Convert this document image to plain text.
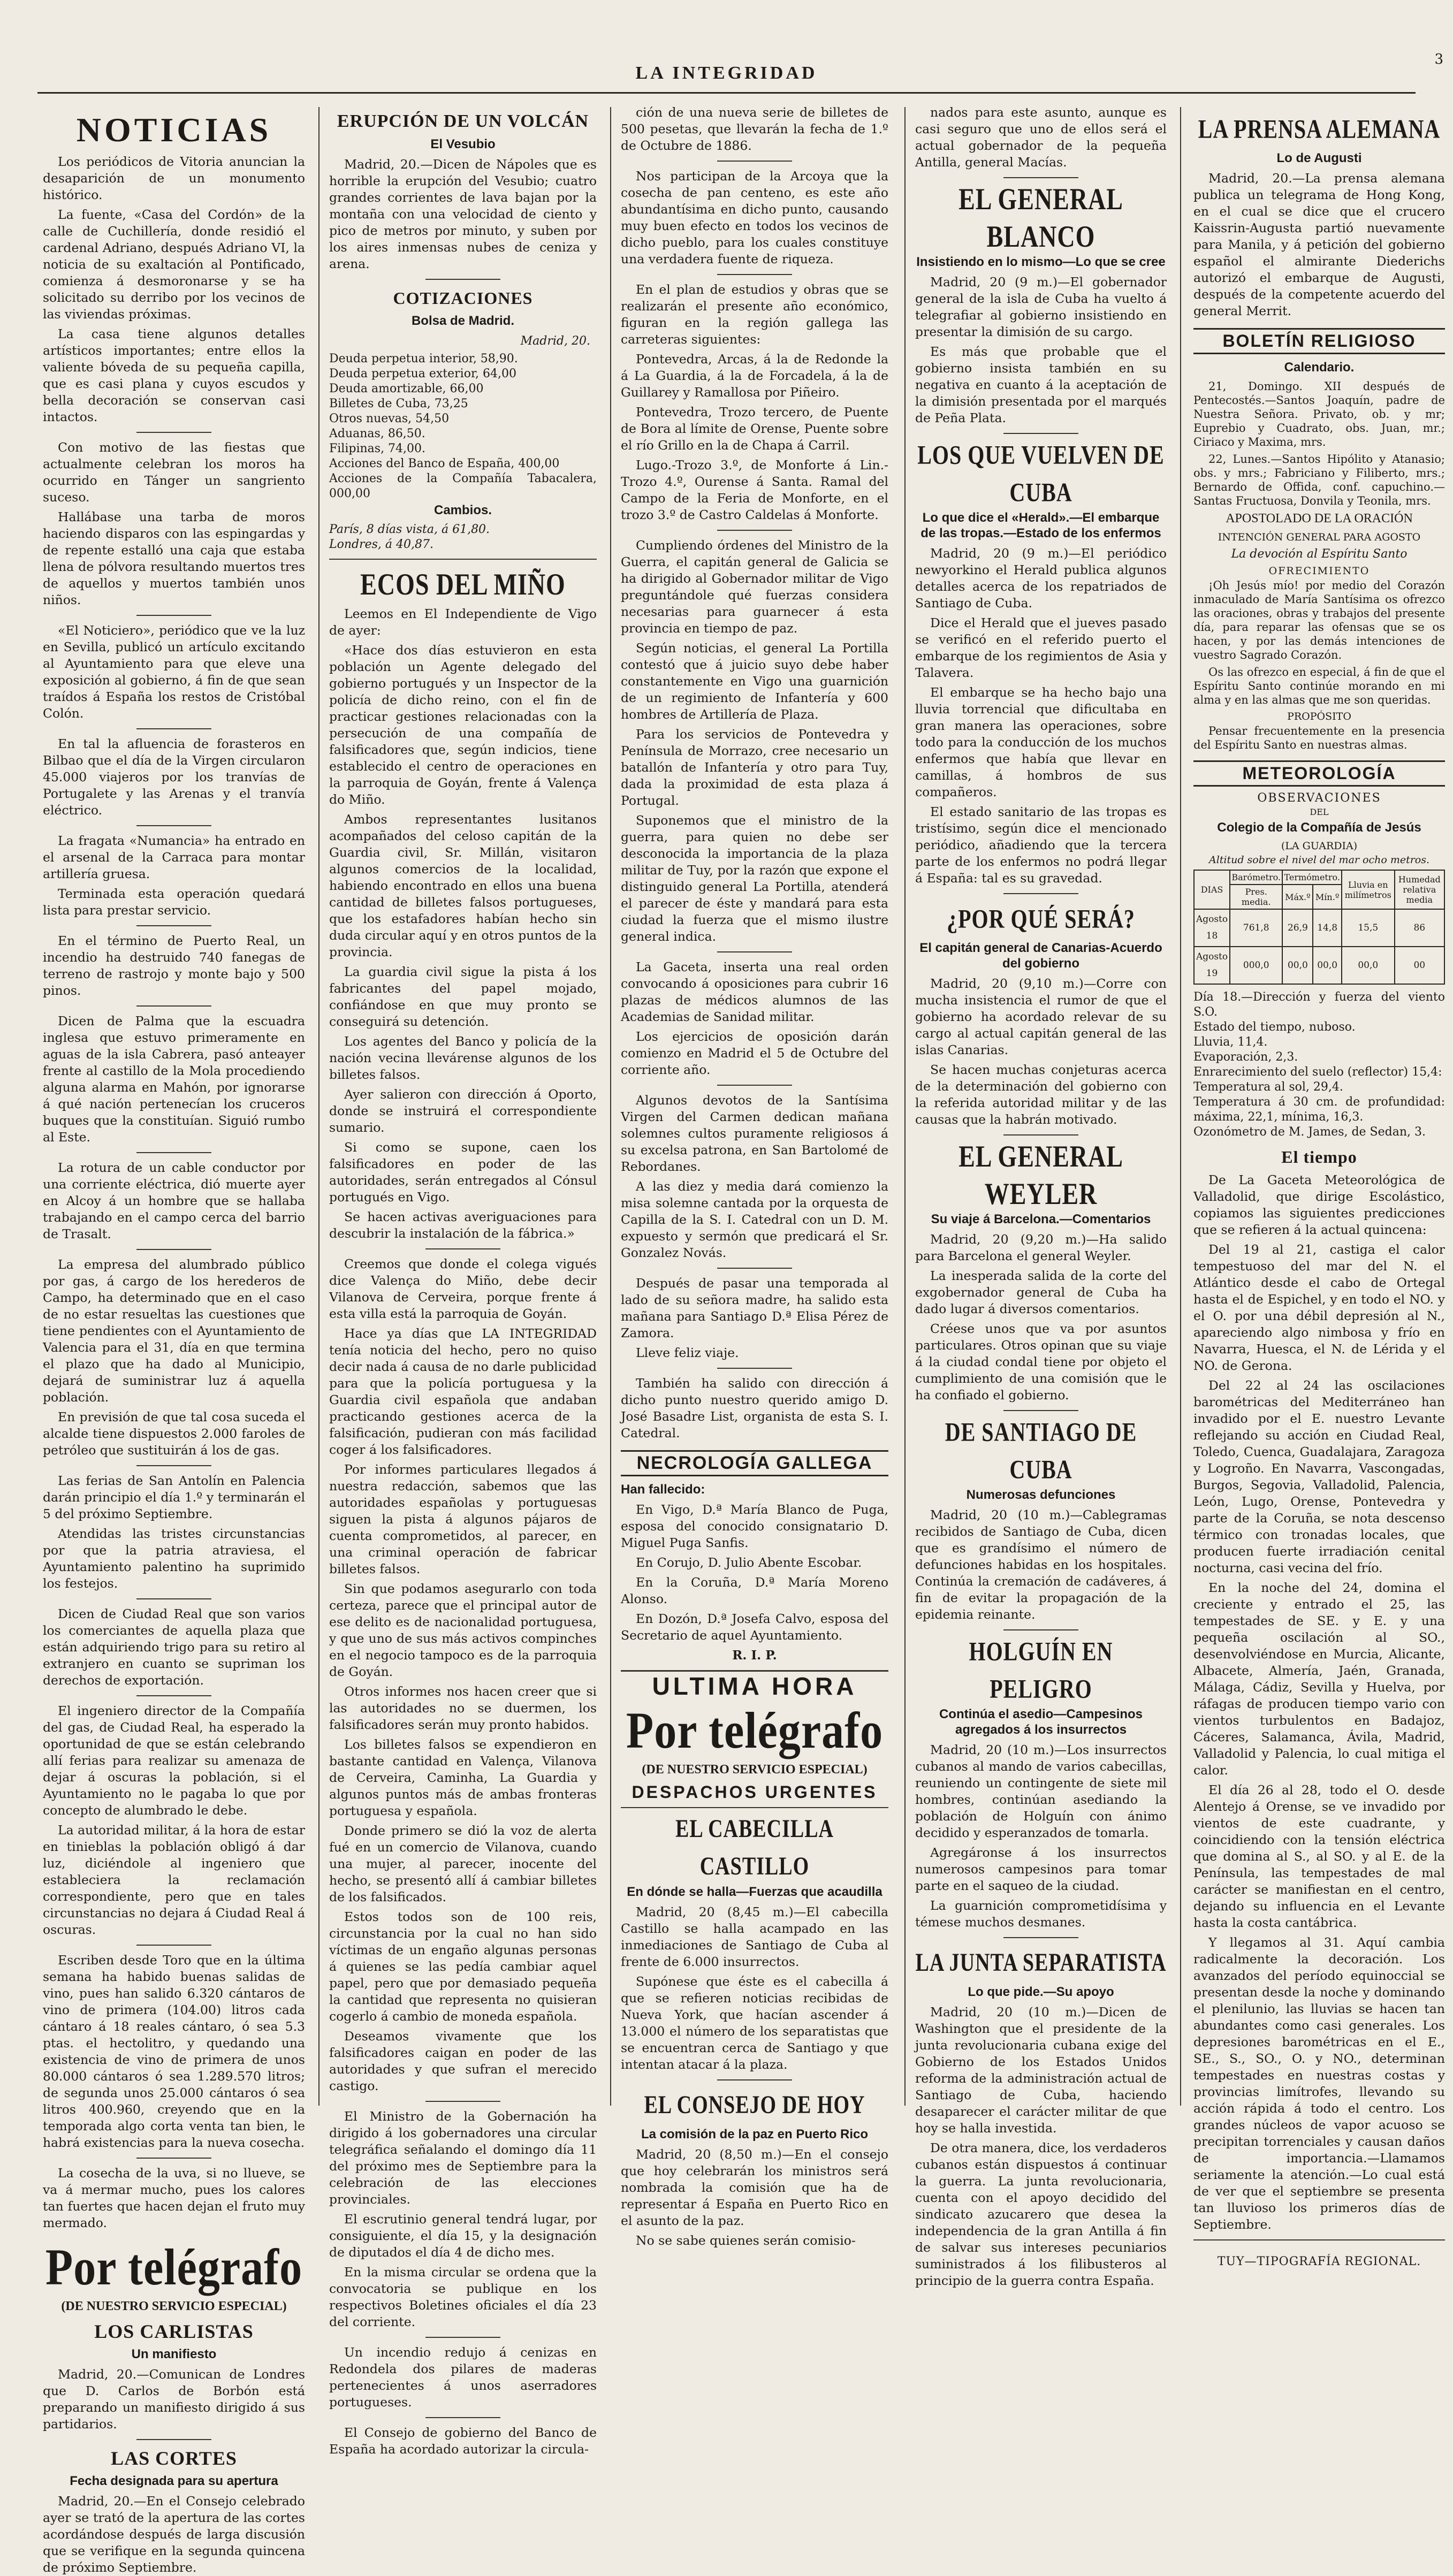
LA INTEGRIDAD
3
NOTICIAS

Los periódicos de Vitoria anuncian la desaparición de un monumento histórico.

La fuente, «Casa del Cordón» de la calle de Cuchillería, donde residió el cardenal Adriano, después Adriano VI, la noticia de su exaltación al Pontificado, comienza á desmoronarse y se ha solicitado su derribo por los vecinos de las viviendas próximas.

La casa tiene algunos detalles artísticos importantes; entre ellos la valiente bóveda de su pequeña capilla, que es casi plana y cuyos escudos y bella decoración se conservan casi intactos.

Con motivo de las fiestas que actualmente celebran los moros ha ocurrido en Tánger un sangriento suceso.

Hallábase una tarba de moros haciendo disparos con las espingardas y de repente estalló una caja que estaba llena de pólvora resultando muertos tres de aquellos y muertos también unos niños.

«El Noticiero», periódico que ve la luz en Sevilla, publicó un artículo excitando al Ayuntamiento para que eleve una exposición al gobierno, á fin de que sean traídos á España los restos de Cristóbal Colón.

En tal la afluencia de forasteros en Bilbao que el día de la Virgen circularon 45.000 viajeros por los tranvías de Portugalete y las Arenas y el tranvía eléctrico.

La fragata «Numancia» ha entrado en el arsenal de la Carraca para montar artillería gruesa.

Terminada esta operación quedará lista para prestar servicio.

En el término de Puerto Real, un incendio ha destruido 740 fanegas de terreno de rastrojo y monte bajo y 500 pinos.

Dicen de Palma que la escuadra inglesa que estuvo primeramente en aguas de la isla Cabrera, pasó anteayer frente al castillo de la Mola procediendo alguna alarma en Mahón, por ignorarse á qué nación pertenecían los cruceros buques que la constituían. Siguió rumbo al Este.

La rotura de un cable conductor por una corriente eléctrica, dió muerte ayer en Alcoy á un hombre que se hallaba trabajando en el campo cerca del barrio de Trasalt.

La empresa del alumbrado público por gas, á cargo de los herederos de Campo, ha determinado que en el caso de no estar resueltas las cuestiones que tiene pendientes con el Ayuntamiento de Valencia para el 31, día en que termina el plazo que ha dado al Municipio, dejará de suministrar luz á aquella población.

En previsión de que tal cosa suceda el alcalde tiene dispuestos 2.000 faroles de petróleo que sustituirán á los de gas.

Las ferias de San Antolín en Palencia darán principio el día 1.º y terminarán el 5 del próximo Septiembre.

Atendidas las tristes circunstancias por que la patria atraviesa, el Ayuntamiento palentino ha suprimido los festejos.

Dicen de Ciudad Real que son varios los comerciantes de aquella plaza que están adquiriendo trigo para su retiro al extranjero en cuanto se supriman los derechos de exportación.

El ingeniero director de la Compañía del gas, de Ciudad Real, ha esperado la oportunidad de que se están celebrando allí ferias para realizar su amenaza de dejar á oscuras la población, si el Ayuntamiento no le pagaba lo que por concepto de alumbrado le debe.

La autoridad militar, á la hora de estar en tinieblas la población obligó á dar luz, diciéndole al ingeniero que estableciera la reclamación correspondiente, pero que en tales circunstancias no dejara á Ciudad Real á oscuras.

Escriben desde Toro que en la última semana ha habido buenas salidas de vino, pues han salido 6.320 cántaros de vino de primera (104.00) litros cada cántaro á 18 reales cántaro, ó sea 5.3 ptas. el hectolitro, y quedando una existencia de vino de primera de unos 80.000 cántaros ó sea 1.289.570 litros; de segunda unos 25.000 cántaros ó sea litros 400.960, creyendo que en la temporada algo corta venta tan bien, le habrá existencias para la nueva cosecha.

La cosecha de la uva, si no llueve, se va á mermar mucho, pues los calores tan fuertes que hacen dejan el fruto muy mermado.

Por telégrafo
(DE NUESTRO SERVICIO ESPECIAL)
LOS CARLISTAS
Un manifiesto

Madrid, 20.—Comunican de Londres que D. Carlos de Borbón está preparando un manifiesto dirigido á sus partidarios.

LAS CORTES
Fecha designada para su apertura

Madrid, 20.—En el Consejo celebrado ayer se trató de la apertura de las cortes acordándose después de larga discusión que se verifique en la segunda quincena de próximo Septiembre.

ERUPCIÓN DE UN VOLCÁN
El Vesubio

Madrid, 20.—Dicen de Nápoles que es horrible la erupción del Vesubio; cuatro grandes corrientes de lava bajan por la montaña con una velocidad de ciento y pico de metros por minuto, y suben por los aires inmensas nubes de ceniza y arena.

COTIZACIONES
Bolsa de Madrid.
Madrid, 20.

Deuda perpetua interior, 58,90.

Deuda perpetua exterior, 64,00

Deuda amortizable, 66,00

Billetes de Cuba, 73,25

Otros nuevas, 54,50

Aduanas, 86,50.

Filipinas, 74,00.

Acciones del Banco de España, 400,00

Acciones de la Compañía Tabacalera, 000,00

Cambios.

París, 8 días vista, á 61,80.

Londres, á 40,87.

ECOS DEL MIÑO

Leemos en El Independiente de Vigo de ayer:

«Hace dos días estuvieron en esta población un Agente delegado del gobierno portugués y un Inspector de la policía de dicho reino, con el fin de practicar gestiones relacionadas con la persecución de una compañía de falsificadores que, según indicios, tiene establecido el centro de operaciones en la parroquia de Goyán, frente á Valença do Miño.

Ambos representantes lusitanos acompañados del celoso capitán de la Guardia civil, Sr. Millán, visitaron algunos comercios de la localidad, habiendo encontrado en ellos una buena cantidad de billetes falsos portugueses, que los estafadores habían hecho sin duda circular aquí y en otros puntos de la provincia.

La guardia civil sigue la pista á los fabricantes del papel mojado, confiándose en que muy pronto se conseguirá su detención.

Los agentes del Banco y policía de la nación vecina llevárense algunos de los billetes falsos.

Ayer salieron con dirección á Oporto, donde se instruirá el correspondiente sumario.

Si como se supone, caen los falsificadores en poder de las autoridades, serán entregados al Cónsul portugués en Vigo.

Se hacen activas averiguaciones para descubrir la instalación de la fábrica.»

Creemos que donde el colega vigués dice Valença do Miño, debe decir Vilanova de Cerveira, porque frente á esta villa está la parroquia de Goyán.

Hace ya días que LA INTEGRIDAD tenía noticia del hecho, pero no quiso decir nada á causa de no darle publicidad para que la policía portuguesa y la Guardia civil española que andaban practicando gestiones acerca de la falsificación, pudieran con más facilidad coger á los falsificadores.

Por informes particulares llegados á nuestra redacción, sabemos que las autoridades españolas y portuguesas siguen la pista á algunos pájaros de cuenta comprometidos, al parecer, en una criminal operación de fabricar billetes falsos.

Sin que podamos asegurarlo con toda certeza, parece que el principal autor de ese delito es de nacionalidad portuguesa, y que uno de sus más activos compinches en el negocio tampoco es de la parroquia de Goyán.

Otros informes nos hacen creer que si las autoridades no se duermen, los falsificadores serán muy pronto habidos.

Los billetes falsos se expendieron en bastante cantidad en Valença, Vilanova de Cerveira, Caminha, La Guardia y algunos puntos más de ambas fronteras portuguesa y española.

Donde primero se dió la voz de alerta fué en un comercio de Vilanova, cuando una mujer, al parecer, inocente del hecho, se presentó allí á cambiar billetes de los falsificados.

Estos todos son de 100 reis, circunstancia por la cual no han sido víctimas de un engaño algunas personas á quienes se las pedía cambiar aquel papel, pero que por demasiado pequeña la cantidad que representa no quisieran cogerlo á cambio de moneda española.

Deseamos vivamente que los falsificadores caigan en poder de las autoridades y que sufran el merecido castigo.

El Ministro de la Gobernación ha dirigido á los gobernadores una circular telegráfica señalando el domingo día 11 del próximo mes de Septiembre para la celebración de las elecciones provinciales.

El escrutinio general tendrá lugar, por consiguiente, el día 15, y la designación de diputados el día 4 de dicho mes.

En la misma circular se ordena que la convocatoria se publique en los respectivos Boletines oficiales el día 23 del corriente.

Un incendio redujo á cenizas en Redondela dos pilares de maderas pertenecientes á unos aserradores portugueses.

El Consejo de gobierno del Banco de España ha acordado autorizar la circula-

ción de una nueva serie de billetes de 500 pesetas, que llevarán la fecha de 1.º de Octubre de 1886.

Nos participan de la Arcoya que la cosecha de pan centeno, es este año abundantísima en dicho punto, causando muy buen efecto en todos los vecinos de dicho pueblo, para los cuales constituye una verdadera fuente de riqueza.

En el plan de estudios y obras que se realizarán el presente año económico, figuran en la región gallega las carreteras siguientes:

Pontevedra, Arcas, á la de Redonde la á La Guardia, á la de Forcadela, á la de Guillarey y Ramallosa por Piñeiro.

Pontevedra, Trozo tercero, de Puente de Bora al límite de Orense, Puente sobre el río Grillo en la de Chapa á Carril.

Lugo.-Trozo 3.º, de Monforte á Lin.-Trozo 4.º, Ourense á Santa. Ramal del Campo de la Feria de Monforte, en el trozo 3.º de Castro Caldelas á Monforte.

Cumpliendo órdenes del Ministro de la Guerra, el capitán general de Galicia se ha dirigido al Gobernador militar de Vigo preguntándole qué fuerzas considera necesarias para guarnecer á esta provincia en tiempo de paz.

Según noticias, el general La Portilla contestó que á juicio suyo debe haber constantemente en Vigo una guarnición de un regimiento de Infantería y 600 hombres de Artillería de Plaza.

Para los servicios de Pontevedra y Península de Morrazo, cree necesario un batallón de Infantería y otro para Tuy, dada la proximidad de esta plaza á Portugal.

Suponemos que el ministro de la guerra, para quien no debe ser desconocida la importancia de la plaza militar de Tuy, por la razón que expone el distinguido general La Portilla, atenderá el parecer de éste y mandará para esta ciudad la fuerza que el mismo ilustre general indica.

La Gaceta, inserta una real orden convocando á oposiciones para cubrir 16 plazas de médicos alumnos de las Academias de Sanidad militar.

Los ejercicios de oposición darán comienzo en Madrid el 5 de Octubre del corriente año.

Algunos devotos de la Santísima Virgen del Carmen dedican mañana solemnes cultos puramente religiosos á su excelsa patrona, en San Bartolomé de Rebordanes.

A las diez y media dará comienzo la misa solemne cantada por la orquesta de Capilla de la S. I. Catedral con un D. M. expuesto y sermón que predicará el Sr. Gonzalez Novás.

Después de pasar una temporada al lado de su señora madre, ha salido esta mañana para Santiago D.ª Elisa Pérez de Zamora.

Lleve feliz viaje.

También ha salido con dirección á dicho punto nuestro querido amigo D. José Basadre List, organista de esta S. I. Catedral.

NECROLOGÍA GALLEGA
Han fallecido:

En Vigo, D.ª María Blanco de Puga, esposa del conocido consignatario D. Miguel Puga Sanfis.

En Corujo, D. Julio Abente Escobar.

En la Coruña, D.ª María Moreno Alonso.

En Dozón, D.ª Josefa Calvo, esposa del Secretario de aquel Ayuntamiento.

R. I. P.

ULTIMA HORA
Por telégrafo
(DE NUESTRO SERVICIO ESPECIAL)
DESPACHOS URGENTES
EL CABECILLA CASTILLO
En dónde se halla—Fuerzas que acaudilla

Madrid, 20 (8,45 m.)—El cabecilla Castillo se halla acampado en las inmediaciones de Santiago de Cuba al frente de 6.000 insurrectos.

Supónese que éste es el cabecilla á que se refieren noticias recibidas de Nueva York, que hacían ascender á 13.000 el número de los separatistas que se encuentran cerca de Santiago y que intentan atacar á la plaza.

EL CONSEJO DE HOY
La comisión de la paz en Puerto Rico

Madrid, 20 (8,50 m.)—En el consejo que hoy celebrarán los ministros será nombrada la comisión que ha de representar á España en Puerto Rico en el asunto de la paz.

No se sabe quienes serán comisio-

nados para este asunto, aunque es casi seguro que uno de ellos será el actual gobernador de la pequeña Antilla, general Macías.

EL GENERAL BLANCO
Insistiendo en lo mismo—Lo que se cree

Madrid, 20 (9 m.)—El gobernador general de la isla de Cuba ha vuelto á telegrafiar al gobierno insistiendo en presentar la dimisión de su cargo.

Es más que probable que el gobierno insista también en su negativa en cuanto á la aceptación de la dimisión presentada por el marqués de Peña Plata.

LOS QUE VUELVEN DE CUBA
Lo que dice el «Herald».—El embarque de las tropas.—Estado de los enfermos

Madrid, 20 (9 m.)—El periódico newyorkino el Herald publica algunos detalles acerca de los repatriados de Santiago de Cuba.

Dice el Herald que el jueves pasado se verificó en el referido puerto el embarque de los regimientos de Asia y Talavera.

El embarque se ha hecho bajo una lluvia torrencial que dificultaba en gran manera las operaciones, sobre todo para la conducción de los muchos enfermos que había que llevar en camillas, á hombros de sus compañeros.

El estado sanitario de las tropas es tristísimo, según dice el mencionado periódico, añadiendo que la tercera parte de los enfermos no podrá llegar á España: tal es su gravedad.

¿POR QUÉ SERÁ?
El capitán general de Canarias-Acuerdo del gobierno

Madrid, 20 (9,10 m.)—Corre con mucha insistencia el rumor de que el gobierno ha acordado relevar de su cargo al actual capitán general de las islas Canarias.

Se hacen muchas conjeturas acerca de la determinación del gobierno con la referida autoridad militar y de las causas que la habrán motivado.

EL GENERAL WEYLER
Su viaje á Barcelona.—Comentarios

Madrid, 20 (9,20 m.)—Ha salido para Barcelona el general Weyler.

La inesperada salida de la corte del exgobernador general de Cuba ha dado lugar á diversos comentarios.

Créese unos que va por asuntos particulares. Otros opinan que su viaje á la ciudad condal tiene por objeto el cumplimiento de una comisión que le ha confiado el gobierno.

DE SANTIAGO DE CUBA
Numerosas defunciones

Madrid, 20 (10 m.)—Cablegramas recibidos de Santiago de Cuba, dicen que es grandísimo el número de defunciones habidas en los hospitales. Continúa la cremación de cadáveres, á fin de evitar la propagación de la epidemia reinante.

HOLGUÍN EN PELIGRO
Continúa el asedio—Campesinos agregados á los insurrectos

Madrid, 20 (10 m.)—Los insurrectos cubanos al mando de varios cabecillas, reuniendo un contingente de siete mil hombres, continúan asediando la población de Holguín con ánimo decidido y esperanzados de tomarla.

Agregáronse á los insurrectos numerosos campesinos para tomar parte en el saqueo de la ciudad.

La guarnición comprometidísima y témese muchos desmanes.

LA JUNTA SEPARATISTA
Lo que pide.—Su apoyo

Madrid, 20 (10 m.)—Dicen de Washington que el presidente de la junta revolucionaria cubana exige del Gobierno de los Estados Unidos reforma de la administración actual de Santiago de Cuba, haciendo desaparecer el carácter militar de que hoy se halla investida.

De otra manera, dice, los verdaderos cubanos están dispuestos á continuar la guerra. La junta revolucionaria, cuenta con el apoyo decidido del sindicato azucarero que desea la independencia de la gran Antilla á fin de salvar sus intereses pecuniarios suministrados á los filibusteros al principio de la guerra contra España.

LA PRENSA ALEMANA
Lo de Augusti

Madrid, 20.—La prensa alemana publica un telegrama de Hong Kong, en el cual se dice que el crucero Kaissrin-Augusta partió nuevamente para Manila, y á petición del gobierno español el almirante Diederichs autorizó el embarque de Augusti, después de la competente acuerdo del general Merrit.

BOLETÍN RELIGIOSO
Calendario.

21, Domingo. XII después de Pentecostés.—Santos Joaquín, padre de Nuestra Señora. Privato, ob. y mr; Euprebio y Cuadrato, obs. Juan, mr.; Ciriaco y Maxima, mrs.

22, Lunes.—Santos Hipólito y Atanasio; obs. y mrs.; Fabriciano y Filiberto, mrs.; Bernardo de Offida, conf. capuchino.—Santas Fructuosa, Donvila y Teonila, mrs.

APOSTOLADO DE LA ORACIÓN
INTENCIÓN GENERAL PARA AGOSTO
La devoción al Espíritu Santo
OFRECIMIENTO

¡Oh Jesús mío! por medio del Corazón inmaculado de María Santísima os ofrezco las oraciones, obras y trabajos del presente día, para reparar las ofensas que se os hacen, y por las demás intenciones de vuestro Sagrado Corazón.

Os las ofrezco en especial, á fin de que el Espíritu Santo continúe morando en mi alma y en las almas que me son queridas.

PROPÓSITO

Pensar frecuentemente en la presencia del Espíritu Santo en nuestras almas.

METEOROLOGÍA
OBSERVACIONES
DEL
Colegio de la Compañía de Jesús
(LA GUARDIA)
Altitud sobre el nivel del mar ocho metros.
DIAS	Barómetro.	Termómetro.		Lluvia en milímetros	Humedad relativa media
	Pres. media.	Máx.º	Mín.º		
Agosto 18	761,8	26,9	14,8	15,5	86
Agosto 19	000,0	00,0	00,0	00,0	00

Día 18.—Dirección y fuerza del viento S.O.

Estado del tiempo, nuboso.

Lluvia, 11,4.

Evaporación, 2,3.

Enrarecimiento del suelo (reflector) 15,4:

Temperatura al sol, 29,4.

Temperatura á 30 cm. de profundidad: máxima, 22,1, mínima, 16,3.

Ozonómetro de M. James, de Sedan, 3.

El tiempo

De La Gaceta Meteorológica de Valladolid, que dirige Escolástico, copiamos las siguientes predicciones que se refieren á la actual quincena:

Del 19 al 21, castiga el calor tempestuoso del mar del N. el Atlántico desde el cabo de Ortegal hasta el de Espichel, y en todo el NO. y el O. por una débil depresión al N., apareciendo algo nimbosa y frío en Navarra, Huesca, el N. de Lérida y el NO. de Gerona.

Del 22 al 24 las oscilaciones barométricas del Mediterráneo han invadido por el E. nuestro Levante reflejando su acción en Ciudad Real, Toledo, Cuenca, Guadalajara, Zaragoza y Logroño. En Navarra, Vascongadas, Burgos, Segovia, Valladolid, Palencia, León, Lugo, Orense, Pontevedra y parte de la Coruña, se nota descenso térmico con tronadas locales, que producen fuerte irradiación cenital nocturna, casi vecina del frío.

En la noche del 24, domina el creciente y entrado el 25, las tempestades de SE. y E. y una pequeña oscilación al SO., desenvolviéndose en Murcia, Alicante, Albacete, Almería, Jaén, Granada, Málaga, Cádiz, Sevilla y Huelva, por ráfagas de producen tiempo vario con vientos turbulentos en Badajoz, Cáceres, Salamanca, Ávila, Madrid, Valladolid y Palencia, lo cual mitiga el calor.

El día 26 al 28, todo el O. desde Alentejo á Orense, se ve invadido por vientos de este cuadrante, y coincidiendo con la tensión eléctrica que domina al S., al SO. y al E. de la Península, las tempestades de mal carácter se manifiestan en el centro, dejando su influencia en el Levante hasta la costa cantábrica.

Y llegamos al 31. Aquí cambia radicalmente la decoración. Los avanzados del período equinoccial se presentan desde la noche y dominando el plenilunio, las lluvias se hacen tan abundantes como casi generales. Los depresiones barométricas en el E., SE., S., SO., O. y NO., determinan tempestades en nuestras costas y provincias limítrofes, llevando su acción rápida á todo el centro. Los grandes núcleos de vapor acuoso se precipitan torrenciales y causan daños de importancia.—Llamamos seriamente la atención.—Lo cual está de ver que el septiembre se presenta tan lluvioso los primeros días de Septiembre.

TUY—TIPOGRAFÍA REGIONAL.
